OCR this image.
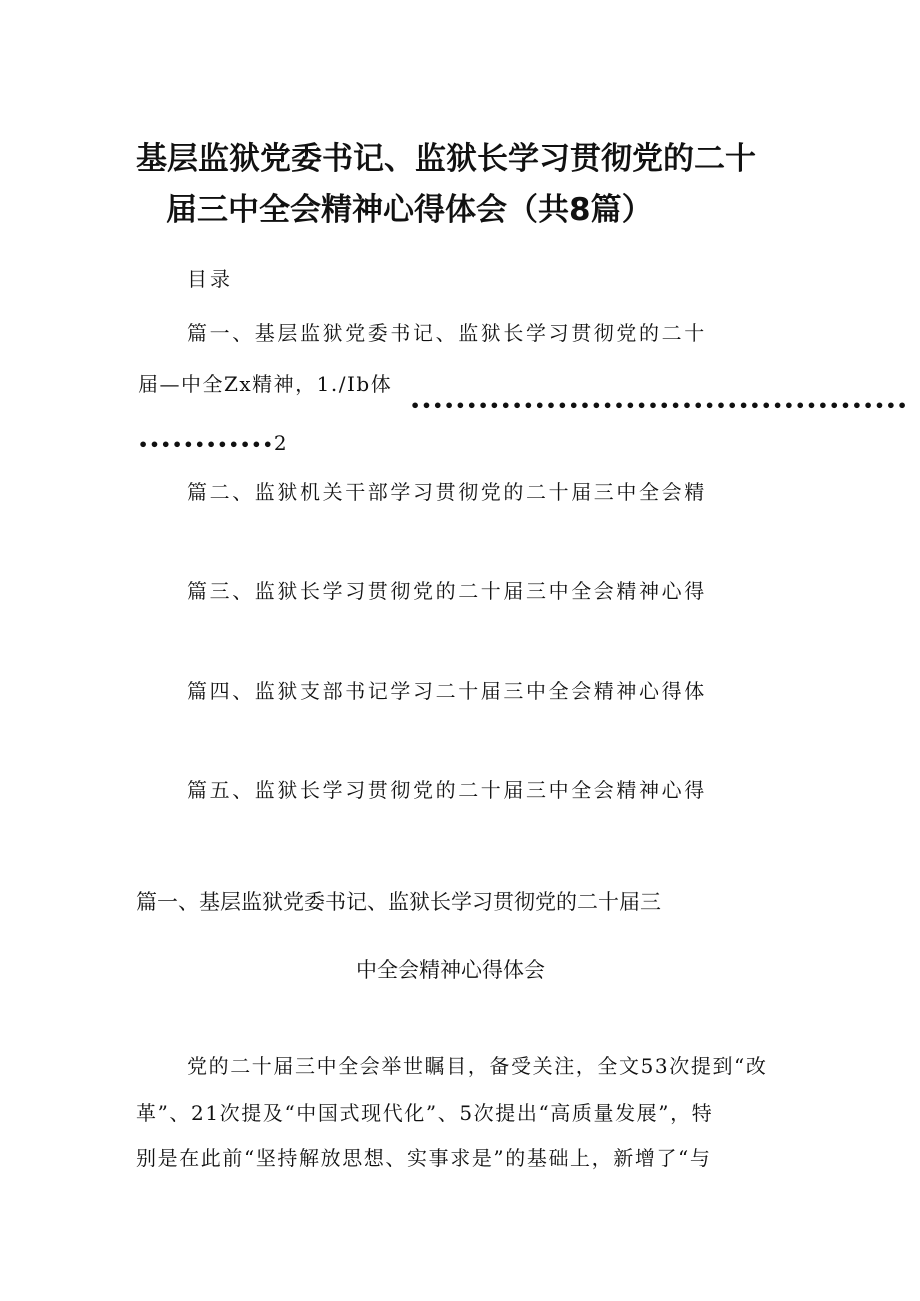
基层监狱党委书记、监狱长学习贯彻党的二十
届三中全会精神心得体会（共8篇）
目录
篇一、基层监狱党委书记、监狱长学习贯彻党的二十
届—中全Zx精神，1./Ib体
••••••••••••••••••••••••••••••••••••••••••••
••••••••••••2
篇二、监狱机关干部学习贯彻党的二十届三中全会精
篇三、监狱长学习贯彻党的二十届三中全会精神心得
篇四、监狱支部书记学习二十届三中全会精神心得体
篇五、监狱长学习贯彻党的二十届三中全会精神心得
篇一、基层监狱党委书记、监狱长学习贯彻党的二十届三
中全会精神心得体会
党的二十届三中全会举世瞩目，备受关注，全文53次提到“改
革”、21次提及“中国式现代化”、5次提出“高质量发展”，特
别是在此前“坚持解放思想、实事求是”的基础上，新增了“与
